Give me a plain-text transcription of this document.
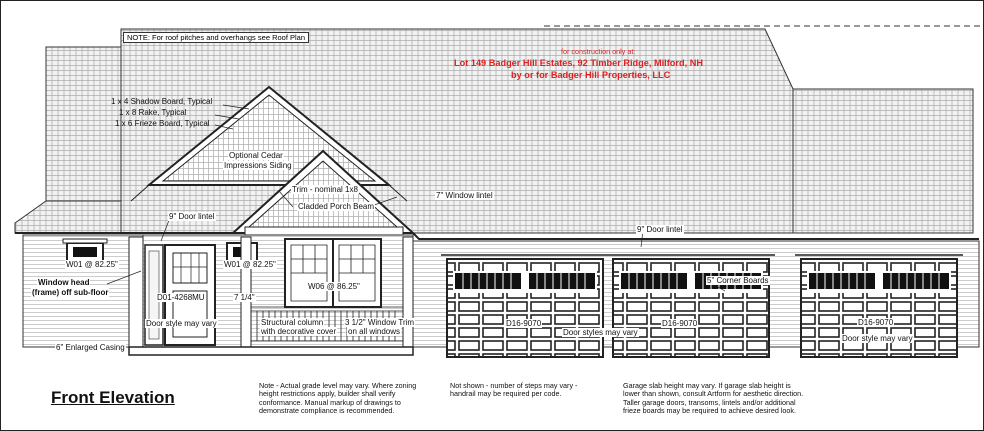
NOTE: For roof pitches and overhangs see Roof Plan
for construction only at:
Lot 149 Badger Hill Estates, 92 Timber Ridge, Milford, NH
by or for Badger Hill Properties, LLC
1 x 4 Shadow Board, Typical
1 x 8 Rake, Typical
1 x 6 Frieze Board, Typical
Optional Cedar
Impressions Siding
Trim - nominal 1x8
Cladded Porch Beam
7" Window lintel
9" Door lintel
9" Door lintel
W01 @ 82.25"	W01 @ 82.25"
Window head
(frame) off sub-floor
D01-4268MU	7 1/4"
W06 @ 86.25"
Door style may vary	Structural column
with decorative cover
3 1/2" Window Trim
on all windows
6" Enlarged Casing
5" Corner Boards
D16-9070	D16-9070	D16-9070
Door styles may vary
Door style may vary
Front Elevation
Note - Actual grade level may vary. Where zoning
height restrictions apply, builder shall verify
conformance. Manual markup of drawings to
demonstrate compliance is recommended.
Not shown - number of steps may vary -
handrail may be required per code.
Garage slab height may vary. If garage slab height is
lower than shown, consult Artform for aesthetic direction.
Taller garage doors, transoms, lintels and/or additional
frieze boards may be required to achieve desired look.
